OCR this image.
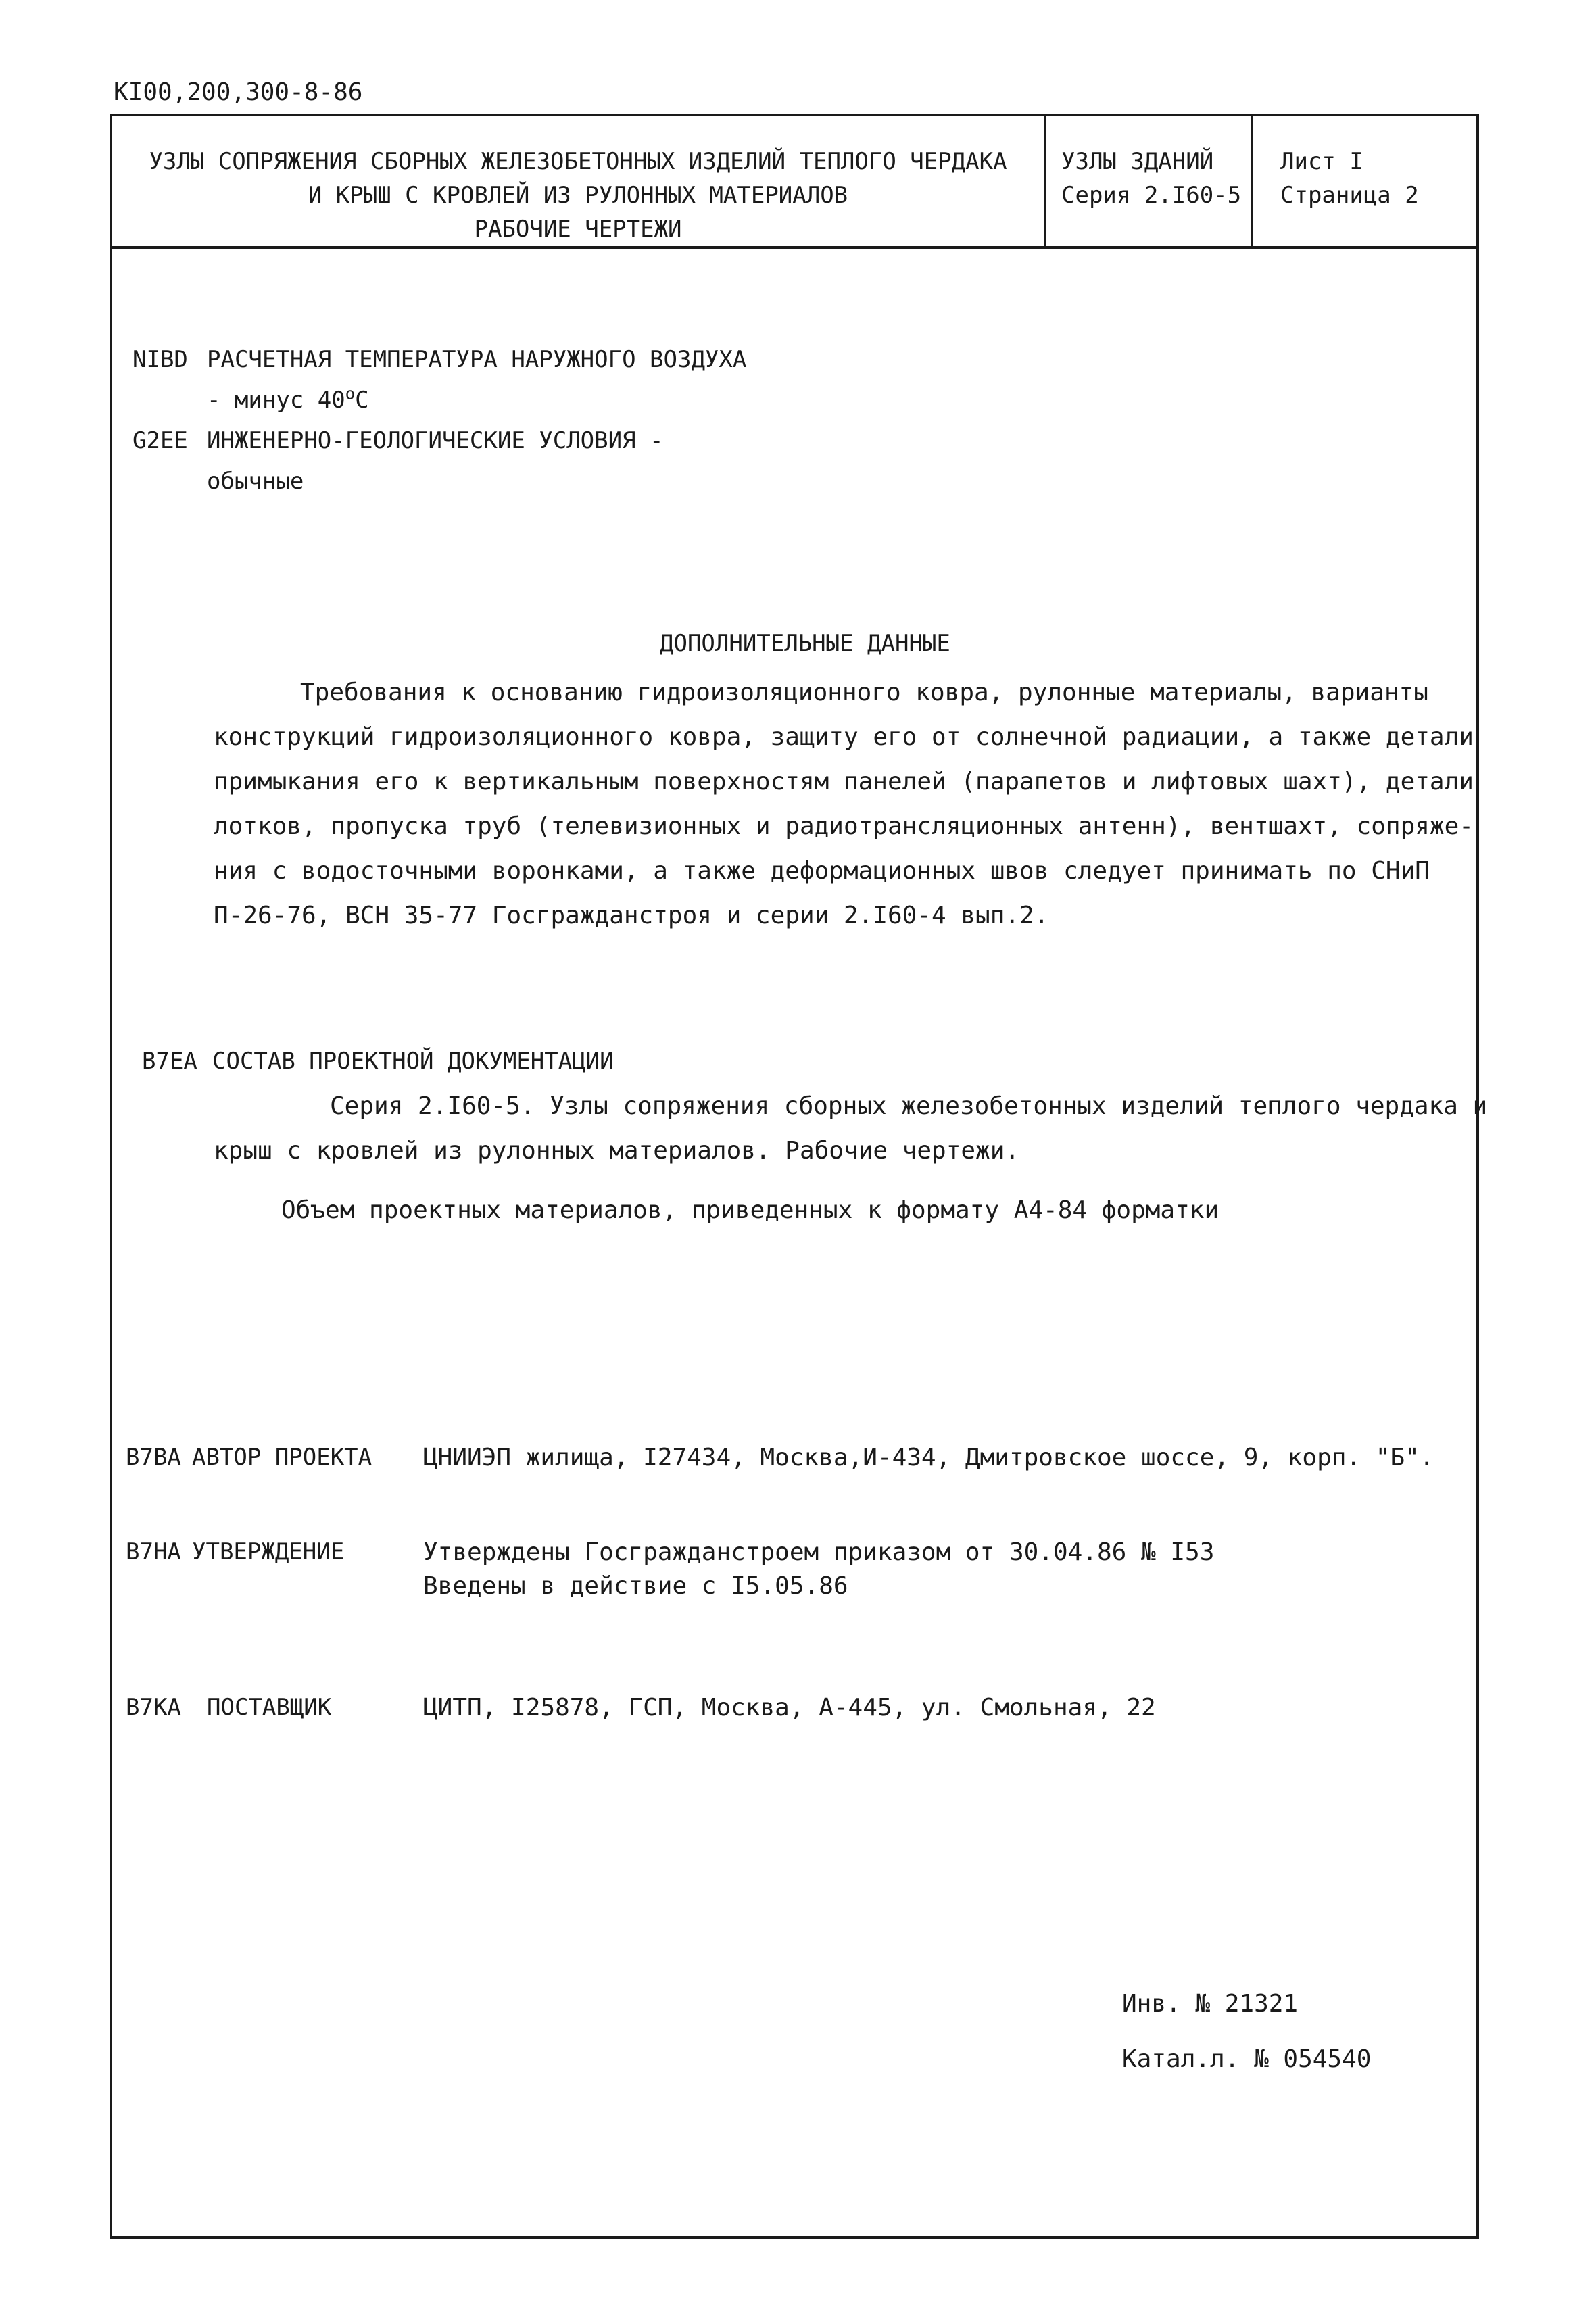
КI00,200,300-8-86
УЗЛЫ СОПРЯЖЕНИЯ СБОРНЫХ ЖЕЛЕЗОБЕТОННЫХ ИЗДЕЛИЙ ТЕПЛОГО ЧЕРДАКА
И КРЫШ С КРОВЛЕЙ ИЗ РУЛОННЫХ МАТЕРИАЛОВ
РАБОЧИЕ ЧЕРТЕЖИ
УЗЛЫ ЗДАНИЙ
Серия 2.I60-5
Лист I
Страница 2
NIBD РАСЧЕТНАЯ ТЕМПЕРАТУРА НАРУЖНОГО ВОЗДУХА
- минус $40^оС$
G2EE ИНЖЕНЕРНО-ГЕОЛОГИЧЕСКИЕ УСЛОВИЯ -
обычные
ДОПОЛНИТЕЛЬНЫЕ ДАННЫЕ
Требования к основанию гидроизоляционного ковра, рулонные материалы, варианты
конструкций гидроизоляционного ковра, защиту его от солнечной радиации, а также детали
примыкания его к вертикальным поверхностям панелей (парапетов и лифтовых шахт), детали
лотков, пропуска труб (телевизионных и радиотрансляционных антенн), вентшахт, сопряже-
ния с водосточными воронками, а также деформационных швов следует принимать по СНиП
П-26-76, ВСН 35-77 Госгражданстроя и серии 2.I60-4 вып.2.
B7EA СОСТАВ ПРОЕКТНОЙ ДОКУМЕНТАЦИИ
Серия 2.I60-5. Узлы сопряжения сборных железобетонных изделий теплого чердака и
крыш с кровлей из рулонных материалов. Рабочие чертежи.
Объем проектных материалов, приведенных к формату А4-84 форматки
B7BA АВТОР ПРОЕКТА ЦНИИЭП жилища, I27434, Москва,И-434, Дмитровское шоссе, 9, корп. "Б".
B7HA УТВЕРЖДЕНИЕ	Утверждены Госгражданстроем приказом от 30.04.86 № I53
Введены в действие с I5.05.86
B7KA ПОСТАВЩИК	ЦИТП, I25878, ГСП, Москва, А-445, ул. Смольная, 22
Инв. № 21321
Катал.л. № 054540
